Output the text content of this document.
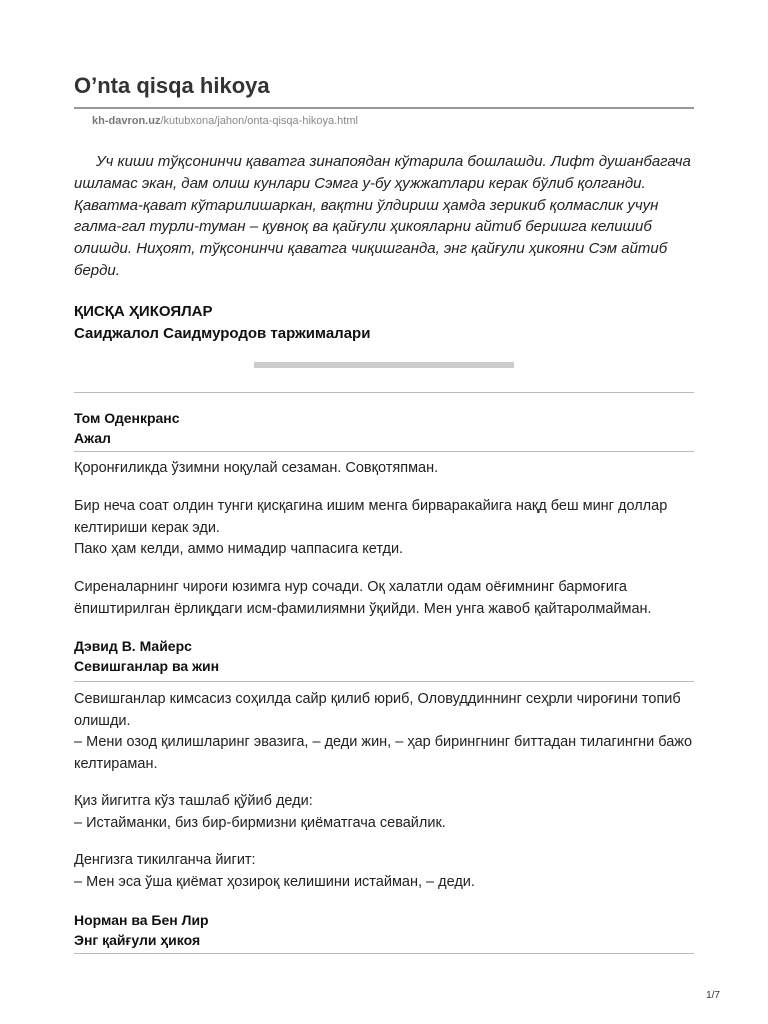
O’nta qisqa hikoya
kh-davron.uz/kutubxona/jahon/onta-qisqa-hikoya.html

Уч киши тўқсонинчи қаватга зинапоядан кўтарила бошлашди. Лифт душанбагача ишламас экан, дам олиш кунлари Сэмга у-бу ҳужжатлари керак бўлиб қолганди. Қаватма-қават кўтарилишаркан, вақтни ўлдириш ҳамда зерикиб қолмаслик учун галма-гал турли-туман – қувноқ ва қайғули ҳикояларни айтиб беришга келишиб олишди. Ниҳоят, тўқсонинчи қаватга чиқишганда, энг қайғули ҳикояни Сэм айтиб берди.

ҚИСҚА ҲИКОЯЛАР
Саиджалол Саидмуродов таржималари
Том Оденкранс
Ажал

Қоронғиликда ўзимни ноқулай сезаман. Совқотяпман.

Бир неча соат олдин тунги қисқагина ишим менга бирваракайига нақд беш минг доллар келтириши керак эди.
Пако ҳам келди, аммо нимадир чаппасига кетди.

Сиреналарнинг чироғи юзимга нур сочади. Оқ халатли одам оёғимнинг бармоғига ёпиштирилган ёрлиқдаги исм-фамилиямни ўқийди. Мен унга жавоб қайтаролмайман.

Дэвид В. Майерс
Севишганлар ва жин

Севишганлар кимсасиз соҳилда сайр қилиб юриб, Оловуддиннинг сеҳрли чироғини топиб олишди.
– Мени озод қилишларинг эвазига, – деди жин, – ҳар бирингнинг биттадан тилагингни бажо келтираман.

Қиз йигитга кўз ташлаб қўйиб деди:
– Истайманки, биз бир-бирмизни қиёматгача севайлик.

Денгизга тикилганча йигит:
– Мен эса ўша қиёмат ҳозироқ келишини истайман, – деди.

Норман ва Бен Лир
Энг қайғули ҳикоя
1/7
